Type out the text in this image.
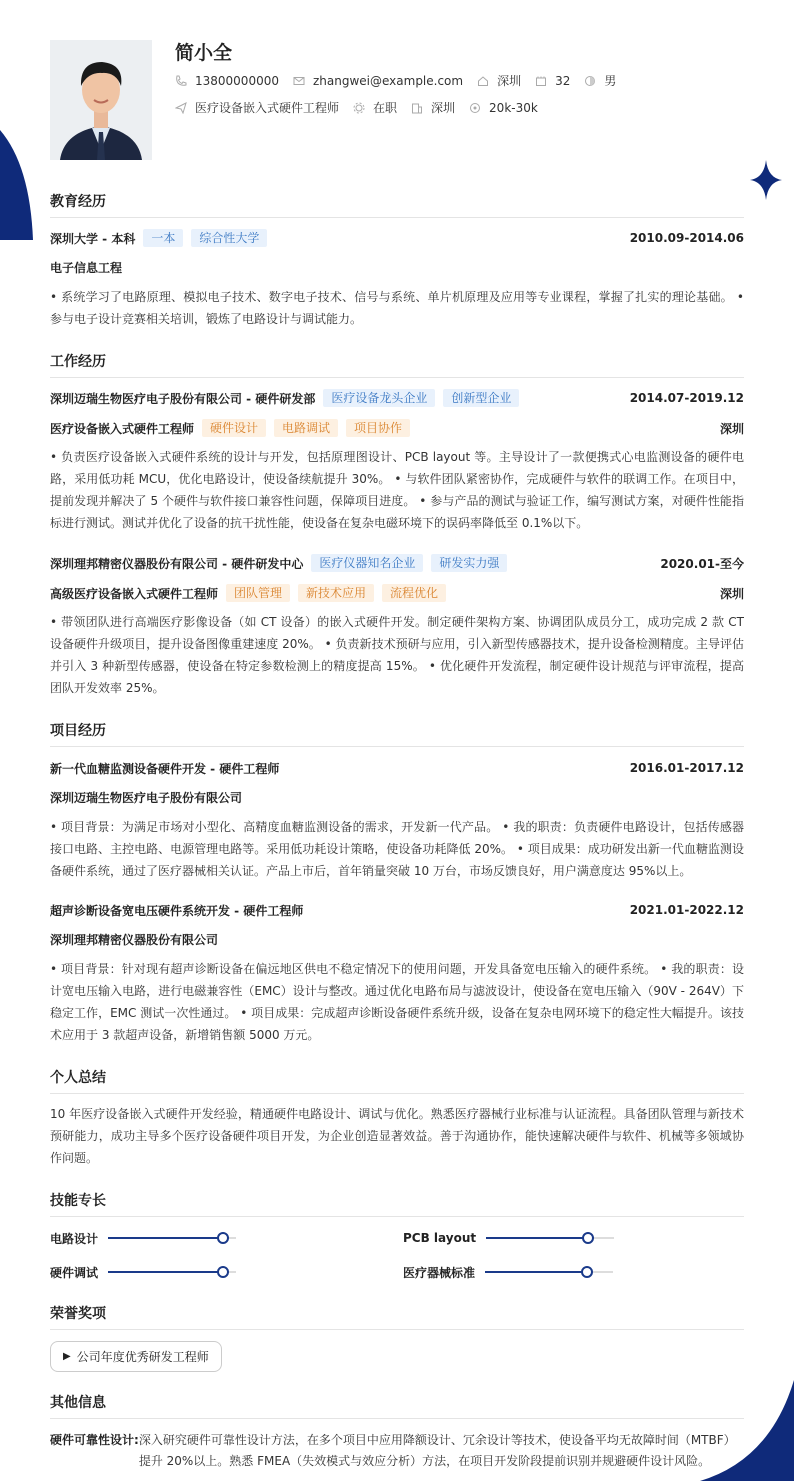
简小全
13800000000	zhangwei@example.com	深圳	32	男
医疗设备嵌入式硬件工程师	在职	深圳	20k-30k
教育经历
深圳大学 - 本科	一本	综合性大学	2010.09-2014.06
电子信息工程
• 系统学习了电路原理、模拟电子技术、数字电子技术、信号与系统、单片机原理及应用等专业课程，掌握了扎实的理论基础。 • 参与电子设计竞赛相关培训，锻炼了电路设计与调试能力。
工作经历
深圳迈瑞生物医疗电子股份有限公司 - 硬件研发部	医疗设备龙头企业	创新型企业	2014.07-2019.12
医疗设备嵌入式硬件工程师	硬件设计	电路调试	项目协作	深圳
• 负责医疗设备嵌入式硬件系统的设计与开发，包括原理图设计、PCB layout 等。主导设计了一款便携式心电监测设备的硬件电路，采用低功耗 MCU，优化电路设计，使设备续航提升 30%。 • 与软件团队紧密协作，完成硬件与软件的联调工作。在项目中，提前发现并解决了 5 个硬件与软件接口兼容性问题，保障项目进度。 • 参与产品的测试与验证工作，编写测试方案，对硬件性能指标进行测试。测试并优化了设备的抗干扰性能，使设备在复杂电磁环境下的误码率降低至 0.1%以下。
深圳理邦精密仪器股份有限公司 - 硬件研发中心	医疗仪器知名企业	研发实力强	2020.01-至今
高级医疗设备嵌入式硬件工程师	团队管理	新技术应用	流程优化	深圳
• 带领团队进行高端医疗影像设备（如 CT 设备）的嵌入式硬件开发。制定硬件架构方案、协调团队成员分工，成功完成 2 款 CT 设备硬件升级项目，提升设备图像重建速度 20%。 • 负责新技术预研与应用，引入新型传感器技术，提升设备检测精度。主导评估并引入 3 种新型传感器，使设备在特定参数检测上的精度提高 15%。 • 优化硬件开发流程，制定硬件设计规范与评审流程，提高团队开发效率 25%。
项目经历
新一代血糖监测设备硬件开发 - 硬件工程师	2016.01-2017.12
深圳迈瑞生物医疗电子股份有限公司
• 项目背景：为满足市场对小型化、高精度血糖监测设备的需求，开发新一代产品。 • 我的职责：负责硬件电路设计，包括传感器接口电路、主控电路、电源管理电路等。采用低功耗设计策略，使设备功耗降低 20%。 • 项目成果：成功研发出新一代血糖监测设备硬件系统，通过了医疗器械相关认证。产品上市后，首年销量突破 10 万台，市场反馈良好，用户满意度达 95%以上。
超声诊断设备宽电压硬件系统开发 - 硬件工程师	2021.01-2022.12
深圳理邦精密仪器股份有限公司
• 项目背景：针对现有超声诊断设备在偏远地区供电不稳定情况下的使用问题，开发具备宽电压输入的硬件系统。 • 我的职责：设计宽电压输入电路，进行电磁兼容性（EMC）设计与整改。通过优化电路布局与滤波设计，使设备在宽电压输入（90V - 264V）下稳定工作，EMC 测试一次性通过。 • 项目成果：完成超声诊断设备硬件系统升级，设备在复杂电网环境下的稳定性大幅提升。该技术应用于 3 款超声设备，新增销售额 5000 万元。
个人总结
10 年医疗设备嵌入式硬件开发经验，精通硬件电路设计、调试与优化。熟悉医疗器械行业标准与认证流程。具备团队管理与新技术预研能力，成功主导多个医疗设备硬件项目开发，为企业创造显著效益。善于沟通协作，能快速解决硬件与软件、机械等多领域协作问题。
技能专长
电路设计	PCB layout
硬件调试	医疗器械标准
荣誉奖项
▶ 公司年度优秀研发工程师
其他信息
硬件可靠性设计: 深入研究硬件可靠性设计方法，在多个项目中应用降额设计、冗余设计等技术，使设备平均无故障时间（MTBF）提升 20%以上。熟悉 FMEA（失效模式与效应分析）方法，在项目开发阶段提前识别并规避硬件设计风险。
